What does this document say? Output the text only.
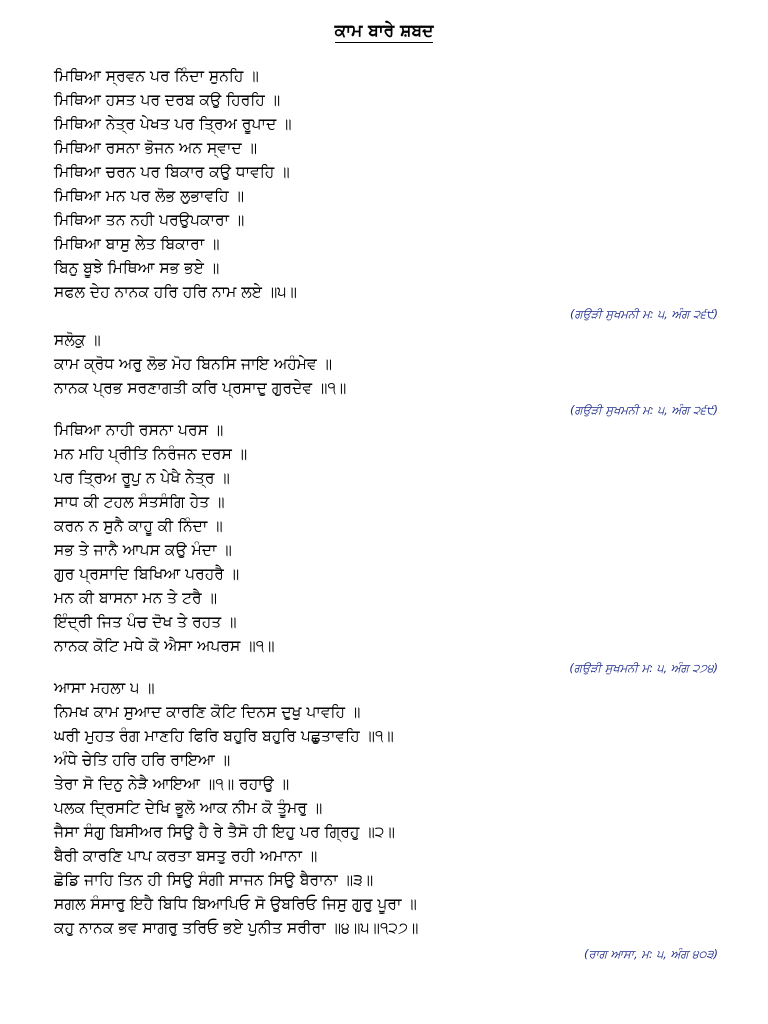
ਕਾਮ ਬਾਰੇ ਸ਼ਬਦ
ਮਿਥਿਆ ਸ੍ਰਵਨ ਪਰ ਨਿੰਦਾ ਸੁਨਹਿ ॥
ਮਿਥਿਆ ਹਸਤ ਪਰ ਦਰਬ ਕਉ ਹਿਰਹਿ ॥
ਮਿਥਿਆ ਨੇਤ੍ਰ ਪੇਖਤ ਪਰ ਤ੍ਰਿਅ ਰੂਪਾਦ ॥
ਮਿਥਿਆ ਰਸਨਾ ਭੋਜਨ ਅਨ ਸ੍ਵਾਦ ॥
ਮਿਥਿਆ ਚਰਨ ਪਰ ਬਿਕਾਰ ਕਉ ਧਾਵਹਿ ॥
ਮਿਥਿਆ ਮਨ ਪਰ ਲੋਭ ਲੁਭਾਵਹਿ ॥
ਮਿਥਿਆ ਤਨ ਨਹੀ ਪਰਉਪਕਾਰਾ ॥
ਮਿਥਿਆ ਬਾਸੁ ਲੇਤ ਬਿਕਾਰਾ ॥
ਬਿਨੁ ਬੂਝੇ ਮਿਥਿਆ ਸਭ ਭਏ ॥
ਸਫਲ ਦੇਹ ਨਾਨਕ ਹਰਿ ਹਰਿ ਨਾਮ ਲਏ ॥੫॥
(ਗਉੜੀ ਸੁਖਮਨੀ ਮ: ੫, ਅੰਗ ੨੬੯)
ਸਲੋਕੁ ॥
ਕਾਮ ਕ੍ਰੋਧ ਅਰੁ ਲੋਭ ਮੋਹ ਬਿਨਸਿ ਜਾਇ ਅਹੰਮੇਵ ॥
ਨਾਨਕ ਪ੍ਰਭ ਸਰਣਾਗਤੀ ਕਰਿ ਪ੍ਰਸਾਦੁ ਗੁਰਦੇਵ ॥੧॥
(ਗਉੜੀ ਸੁਖਮਨੀ ਮ: ੫, ਅੰਗ ੨੬੯)
ਮਿਥਿਆ ਨਾਹੀ ਰਸਨਾ ਪਰਸ ॥
ਮਨ ਮਹਿ ਪ੍ਰੀਤਿ ਨਿਰੰਜਨ ਦਰਸ ॥
ਪਰ ਤ੍ਰਿਅ ਰੂਪੁ ਨ ਪੇਖੈ ਨੇਤ੍ਰ ॥
ਸਾਧ ਕੀ ਟਹਲ ਸੰਤਸੰਗਿ ਹੇਤ ॥
ਕਰਨ ਨ ਸੁਨੈ ਕਾਹੂ ਕੀ ਨਿੰਦਾ ॥
ਸਭ ਤੇ ਜਾਨੈ ਆਪਸ ਕਉ ਮੰਦਾ ॥
ਗੁਰ ਪ੍ਰਸਾਦਿ ਬਿਖਿਆ ਪਰਹਰੈ ॥
ਮਨ ਕੀ ਬਾਸਨਾ ਮਨ ਤੇ ਟਰੈ ॥
ਇੰਦ੍ਰੀ ਜਿਤ ਪੰਚ ਦੋਖ ਤੇ ਰਹਤ ॥
ਨਾਨਕ ਕੋਟਿ ਮਧੇ ਕੋ ਐਸਾ ਅਪਰਸ ॥੧॥
(ਗਉੜੀ ਸੁਖਮਨੀ ਮ: ੫, ਅੰਗ ੨੭੪)
ਆਸਾ ਮਹਲਾ ੫ ॥
ਨਿਮਖ ਕਾਮ ਸੁਆਦ ਕਾਰਣਿ ਕੋਟਿ ਦਿਨਸ ਦੁਖੁ ਪਾਵਹਿ ॥
ਘਰੀ ਮੁਹਤ ਰੰਗ ਮਾਣਹਿ ਫਿਰਿ ਬਹੁਰਿ ਬਹੁਰਿ ਪਛੁਤਾਵਹਿ ॥੧॥
ਅੰਧੇ ਚੇਤਿ ਹਰਿ ਹਰਿ ਰਾਇਆ ॥
ਤੇਰਾ ਸੋ ਦਿਨੁ ਨੇੜੈ ਆਇਆ ॥੧॥ ਰਹਾਉ ॥
ਪਲਕ ਦ੍ਰਿਸਟਿ ਦੇਖਿ ਭੂਲੋ ਆਕ ਨੀਮ ਕੋ ਤੂੰਮਰੁ ॥
ਜੈਸਾ ਸੰਗੁ ਬਿਸੀਅਰ ਸਿਉ ਹੈ ਰੇ ਤੈਸੋ ਹੀ ਇਹੁ ਪਰ ਗ੍ਰਿਹੁ ॥੨॥
ਬੈਰੀ ਕਾਰਣਿ ਪਾਪ ਕਰਤਾ ਬਸਤੁ ਰਹੀ ਅਮਾਨਾ ॥
ਛੋਡਿ ਜਾਹਿ ਤਿਨ ਹੀ ਸਿਉ ਸੰਗੀ ਸਾਜਨ ਸਿਉ ਬੈਰਾਨਾ ॥੩॥
ਸਗਲ ਸੰਸਾਰੁ ਇਹੈ ਬਿਧਿ ਬਿਆਪਿਓ ਸੋ ਉਬਰਿਓ ਜਿਸੁ ਗੁਰੁ ਪੂਰਾ ॥
ਕਹੁ ਨਾਨਕ ਭਵ ਸਾਗਰੁ ਤਰਿਓ ਭਏ ਪੁਨੀਤ ਸਰੀਰਾ ॥੪॥੫॥੧੨੭॥
(ਰਾਗ ਆਸਾ, ਮ: ੫, ਅੰਗ ੪੦੩)
